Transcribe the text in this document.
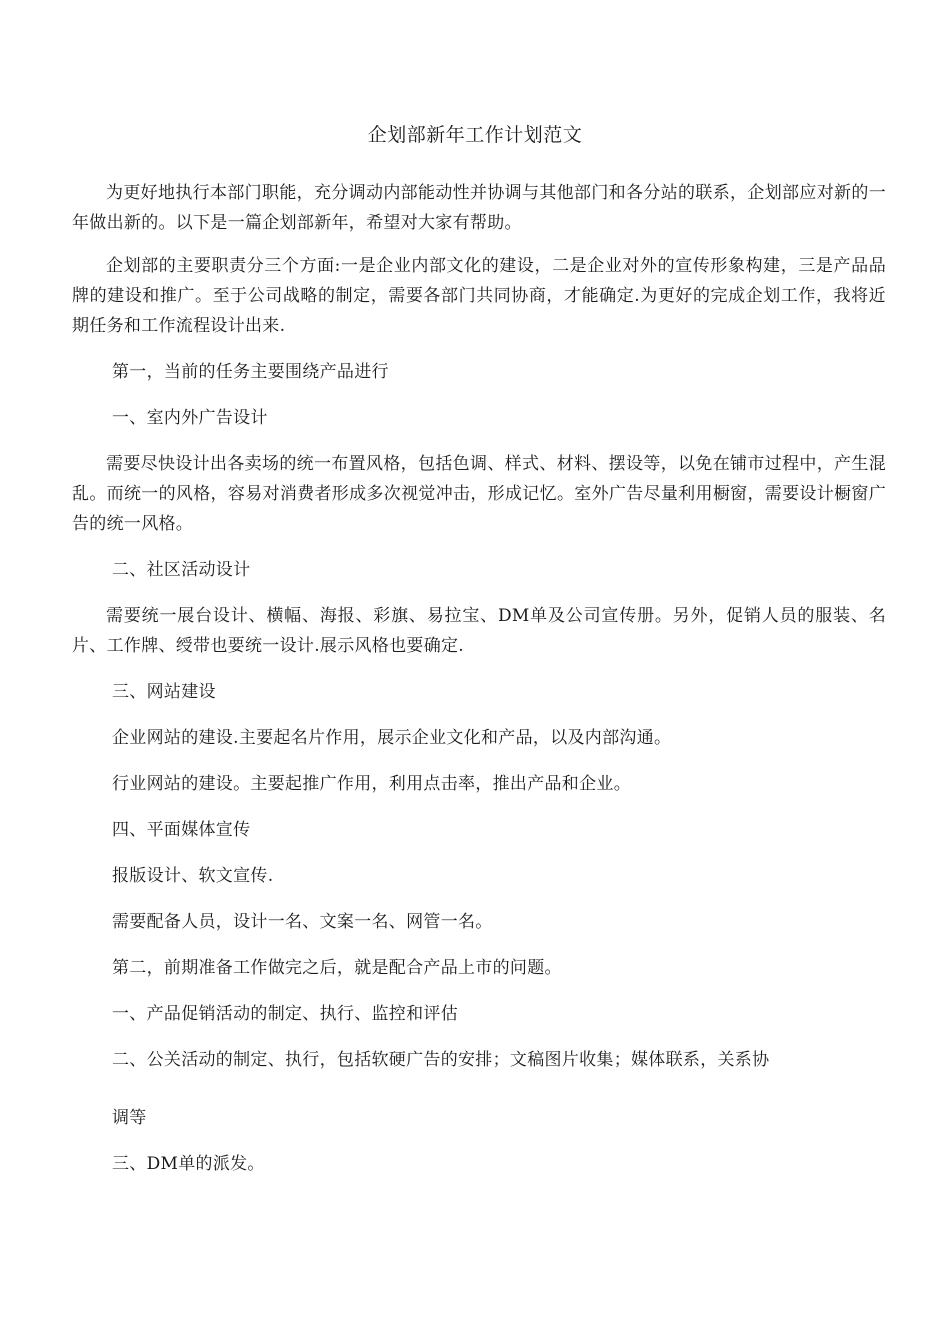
企划部新年工作计划范文

为更好地执行本部门职能，充分调动内部能动性并协调与其他部门和各分站的联系，企划部应对新的一年做出新的。以下是一篇企划部新年，希望对大家有帮助。

企划部的主要职责分三个方面:一是企业内部文化的建设，二是企业对外的宣传形象构建，三是产品品牌的建设和推广。至于公司战略的制定，需要各部门共同协商，才能确定.为更好的完成企划工作，我将近期任务和工作流程设计出来.

第一，当前的任务主要围绕产品进行

一、室内外广告设计

需要尽快设计出各卖场的统一布置风格，包括色调、样式、材料、摆设等，以免在铺市过程中，产生混乱。而统一的风格，容易对消费者形成多次视觉冲击，形成记忆。室外广告尽量利用橱窗，需要设计橱窗广告的统一风格。

二、社区活动设计

需要统一展台设计、横幅、海报、彩旗、易拉宝、DM单及公司宣传册。另外，促销人员的服装、名片、工作牌、绶带也要统一设计.展示风格也要确定.

三、网站建设

企业网站的建设.主要起名片作用，展示企业文化和产品，以及内部沟通。

行业网站的建设。主要起推广作用，利用点击率，推出产品和企业。

四、平面媒体宣传

报版设计、软文宣传.

需要配备人员，设计一名、文案一名、网管一名。

第二，前期准备工作做完之后，就是配合产品上市的问题。

一、产品促销活动的制定、执行、监控和评估

二、公关活动的制定、执行，包括软硬广告的安排；文稿图片收集；媒体联系，关系协

调等

三、DM单的派发。
